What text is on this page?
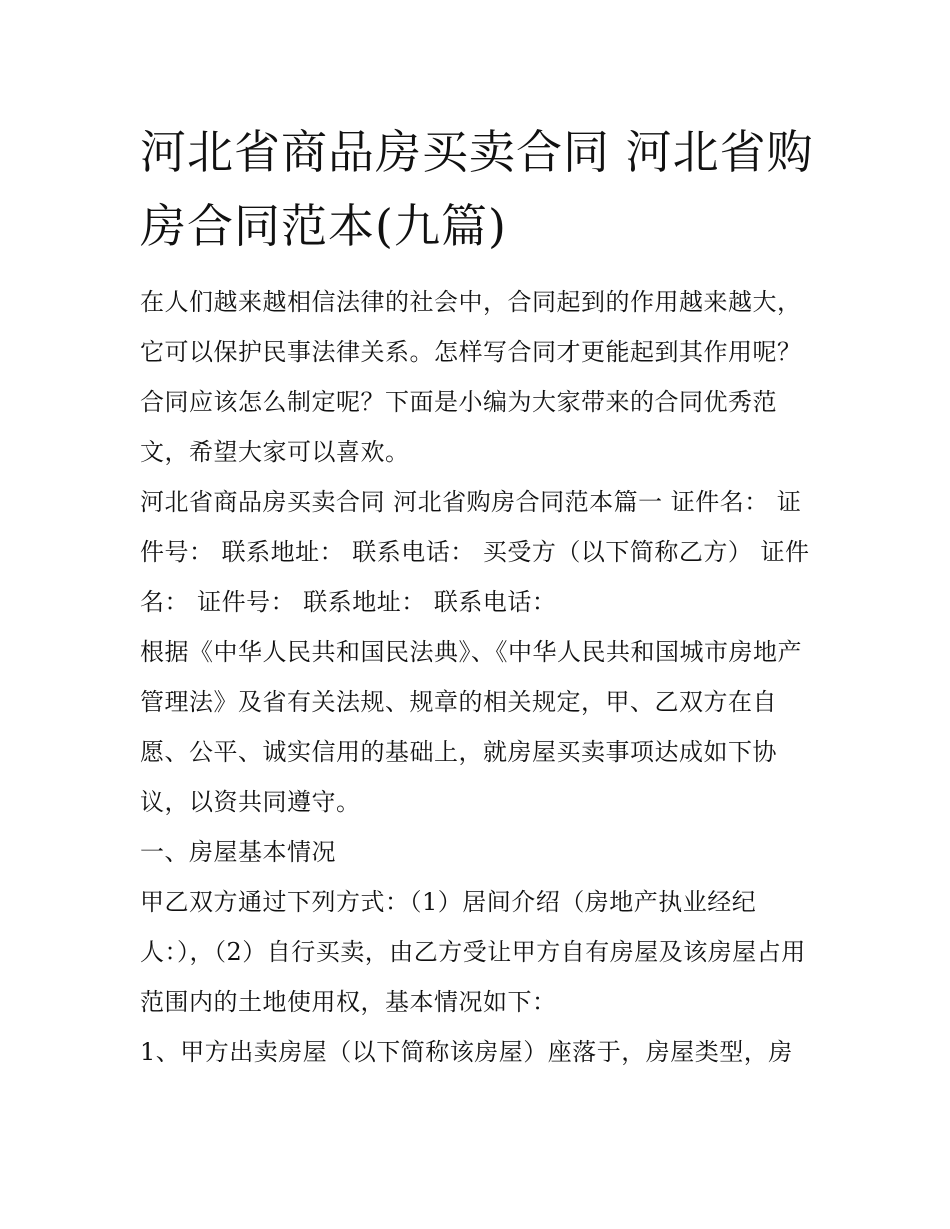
河北省商品房买卖合同 河北省购房合同范本(九篇)

在人们越来越相信法律的社会中，合同起到的作用越来越大，它可以保护民事法律关系。怎样写合同才更能起到其作用呢？合同应该怎么制定呢？下面是小编为大家带来的合同优秀范文，希望大家可以喜欢。

河北省商品房买卖合同 河北省购房合同范本篇一 证件名： 证件号： 联系地址： 联系电话： 买受方（以下简称乙方） 证件名： 证件号： 联系地址： 联系电话：

根据《中华人民共和国民法典》、《中华人民共和国城市房地产管理法》及省有关法规、规章的相关规定，甲、乙双方在自愿、公平、诚实信用的基础上，就房屋买卖事项达成如下协议，以资共同遵守。

一、房屋基本情况

甲乙双方通过下列方式：（1）居间介绍（房地产执业经纪人：），（2）自行买卖，由乙方受让甲方自有房屋及该房屋占用范围内的土地使用权，基本情况如下：

1、甲方出卖房屋（以下简称该房屋）座落于，房屋类型，房
